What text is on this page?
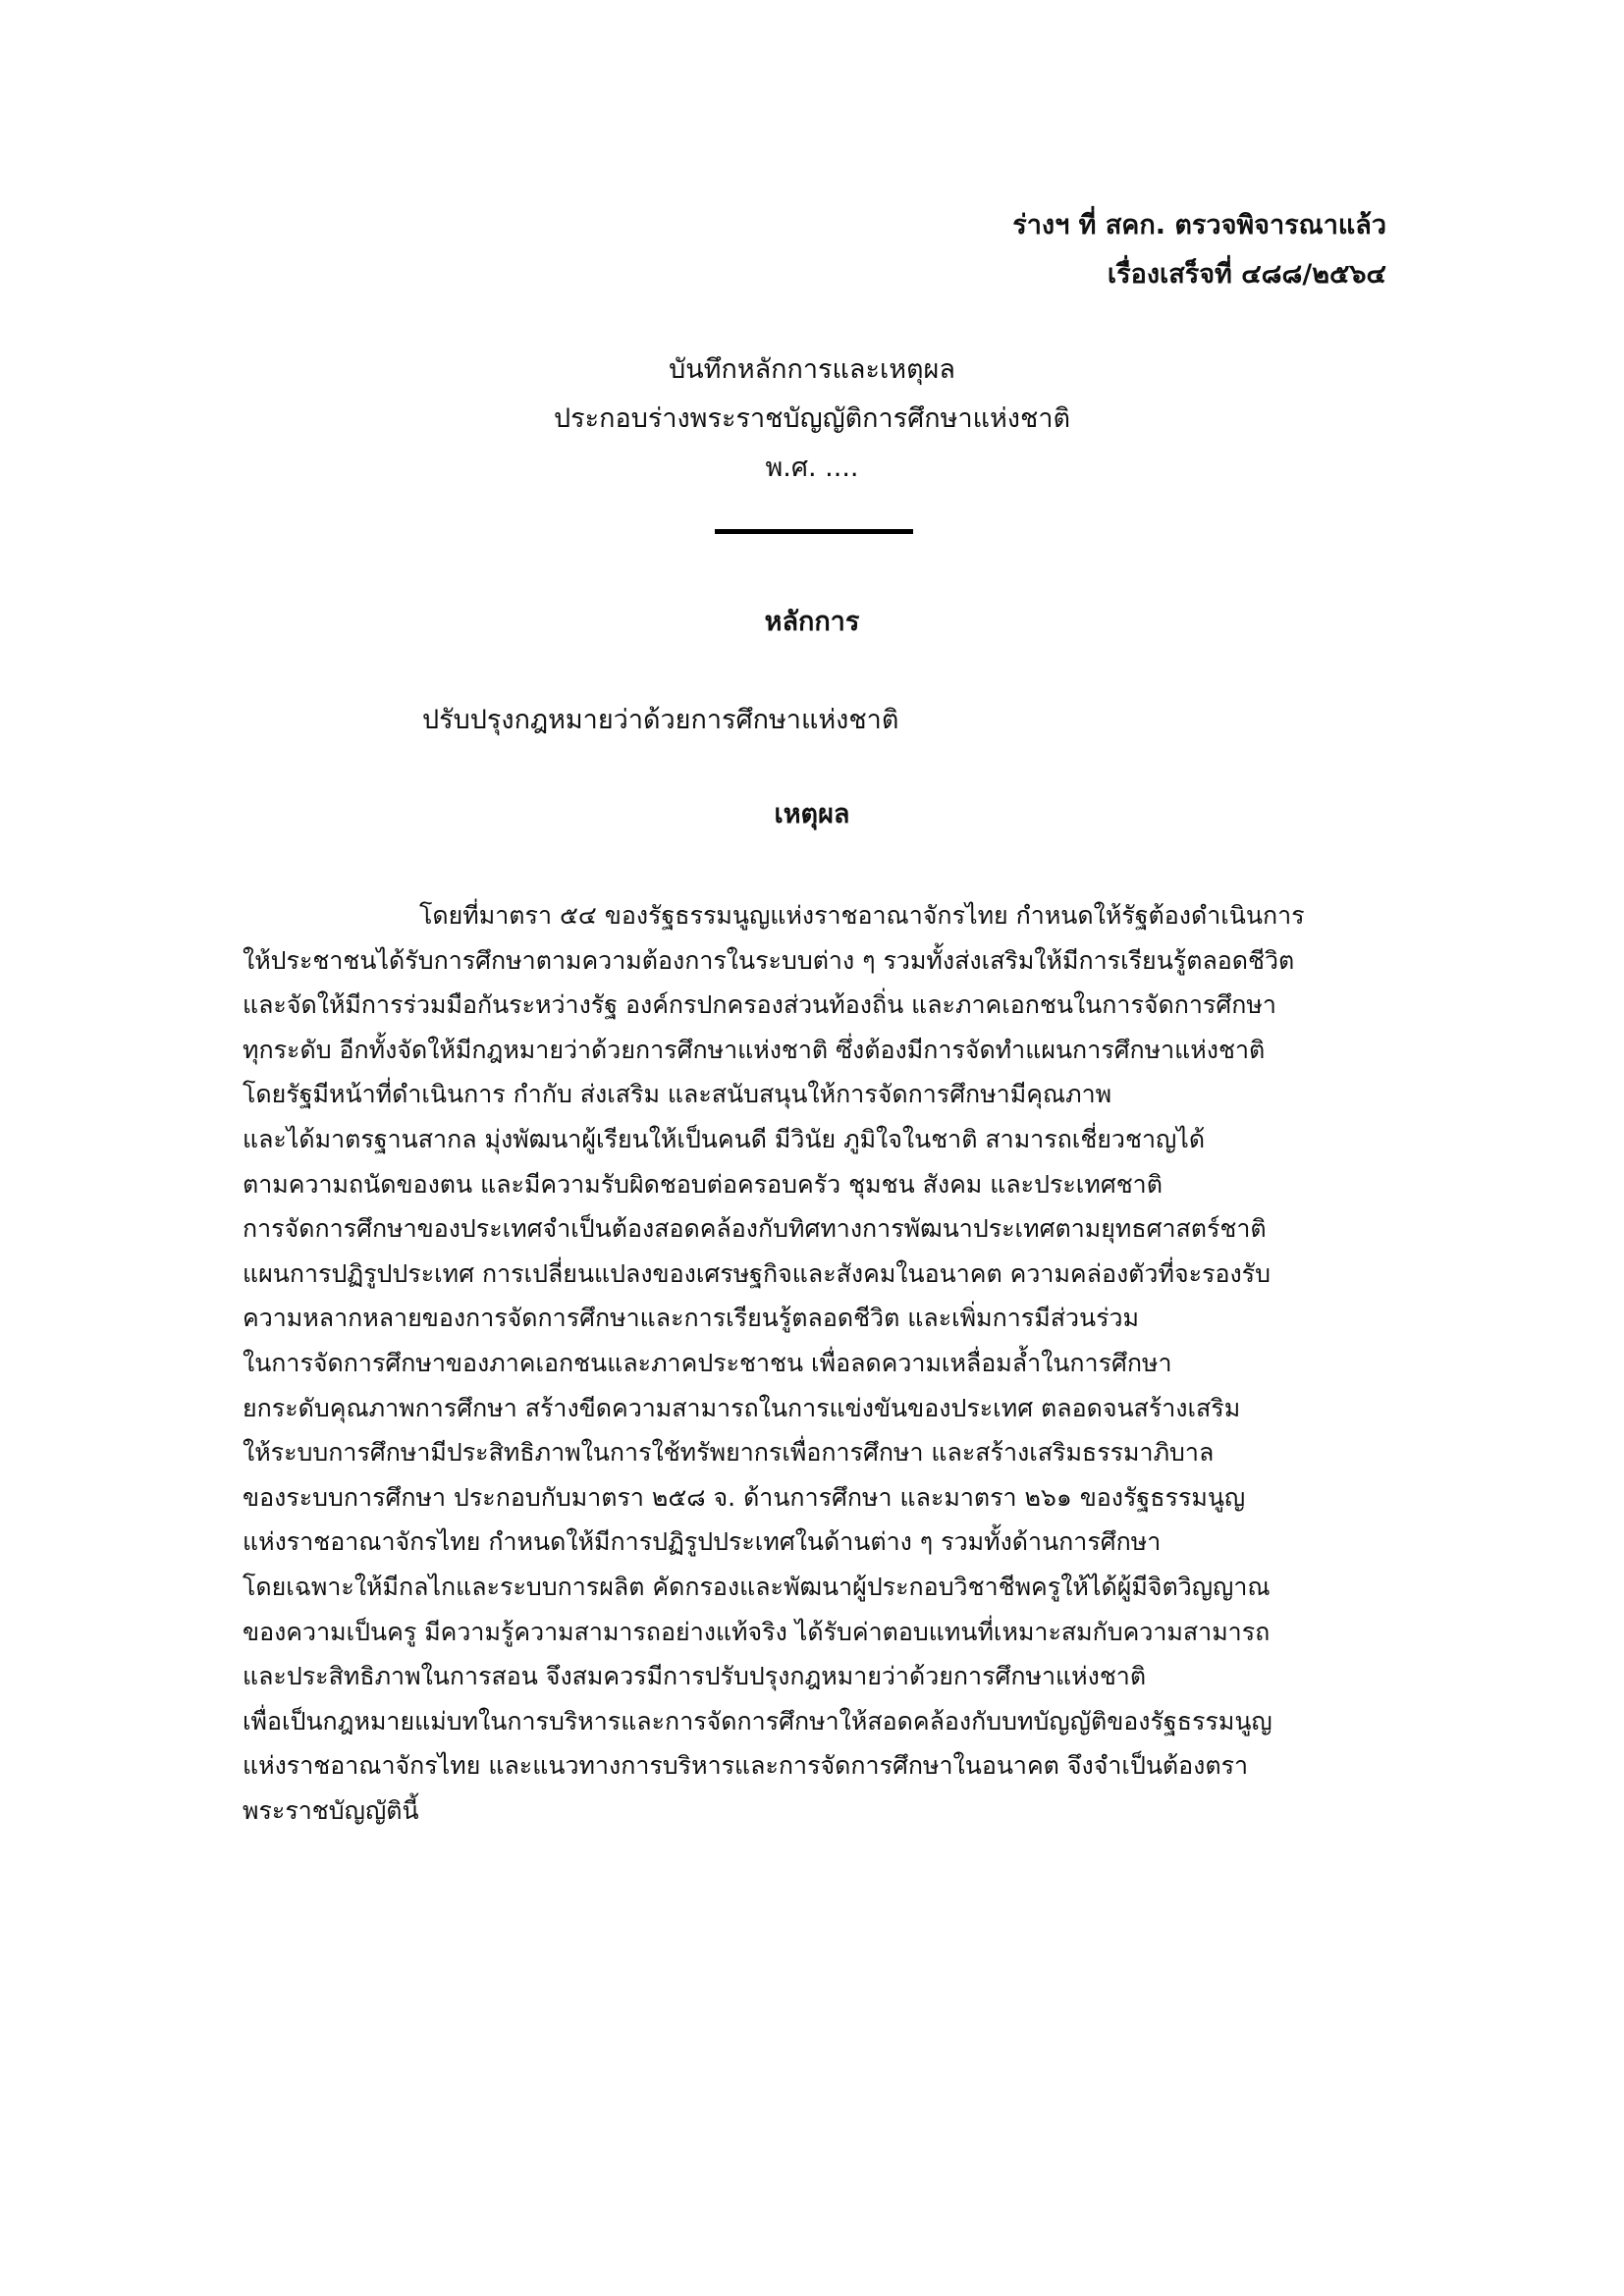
ร่างฯ ที่ สคก. ตรวจพิจารณาแล้ว
เรื่องเสร็จที่ ๔๘๘/๒๕๖๔
บันทึกหลักการและเหตุผล
ประกอบร่างพระราชบัญญัติการศึกษาแห่งชาติ
พ.ศ. ....
หลักการ
ปรับปรุงกฎหมายว่าด้วยการศึกษาแห่งชาติ
เหตุผล
โดยที่มาตรา ๕๔ ของรัฐธรรมนูญแห่งราชอาณาจักรไทย กำหนดให้รัฐต้องดำเนินการ
ให้ประชาชนได้รับการศึกษาตามความต้องการในระบบต่าง ๆ รวมทั้งส่งเสริมให้มีการเรียนรู้ตลอดชีวิต
และจัดให้มีการร่วมมือกันระหว่างรัฐ องค์กรปกครองส่วนท้องถิ่น และภาคเอกชนในการจัดการศึกษา
ทุกระดับ อีกทั้งจัดให้มีกฎหมายว่าด้วยการศึกษาแห่งชาติ ซึ่งต้องมีการจัดทำแผนการศึกษาแห่งชาติ
โดยรัฐมีหน้าที่ดำเนินการ กำกับ ส่งเสริม และสนับสนุนให้การจัดการศึกษามีคุณภาพ
และได้มาตรฐานสากล มุ่งพัฒนาผู้เรียนให้เป็นคนดี มีวินัย ภูมิใจในชาติ สามารถเชี่ยวชาญได้
ตามความถนัดของตน และมีความรับผิดชอบต่อครอบครัว ชุมชน สังคม และประเทศชาติ
การจัดการศึกษาของประเทศจำเป็นต้องสอดคล้องกับทิศทางการพัฒนาประเทศตามยุทธศาสตร์ชาติ
แผนการปฏิรูปประเทศ การเปลี่ยนแปลงของเศรษฐกิจและสังคมในอนาคต ความคล่องตัวที่จะรองรับ
ความหลากหลายของการจัดการศึกษาและการเรียนรู้ตลอดชีวิต และเพิ่มการมีส่วนร่วม
ในการจัดการศึกษาของภาคเอกชนและภาคประชาชน เพื่อลดความเหลื่อมล้ำในการศึกษา
ยกระดับคุณภาพการศึกษา สร้างขีดความสามารถในการแข่งขันของประเทศ ตลอดจนสร้างเสริม
ให้ระบบการศึกษามีประสิทธิภาพในการใช้ทรัพยากรเพื่อการศึกษา และสร้างเสริมธรรมาภิบาล
ของระบบการศึกษา ประกอบกับมาตรา ๒๕๘ จ. ด้านการศึกษา และมาตรา ๒๖๑ ของรัฐธรรมนูญ
แห่งราชอาณาจักรไทย กำหนดให้มีการปฏิรูปประเทศในด้านต่าง ๆ รวมทั้งด้านการศึกษา
โดยเฉพาะให้มีกลไกและระบบการผลิต คัดกรองและพัฒนาผู้ประกอบวิชาชีพครูให้ได้ผู้มีจิตวิญญาณ
ของความเป็นครู มีความรู้ความสามารถอย่างแท้จริง ได้รับค่าตอบแทนที่เหมาะสมกับความสามารถ
และประสิทธิภาพในการสอน จึงสมควรมีการปรับปรุงกฎหมายว่าด้วยการศึกษาแห่งชาติ
เพื่อเป็นกฎหมายแม่บทในการบริหารและการจัดการศึกษาให้สอดคล้องกับบทบัญญัติของรัฐธรรมนูญ
แห่งราชอาณาจักรไทย และแนวทางการบริหารและการจัดการศึกษาในอนาคต จึงจำเป็นต้องตรา
พระราชบัญญัตินี้
